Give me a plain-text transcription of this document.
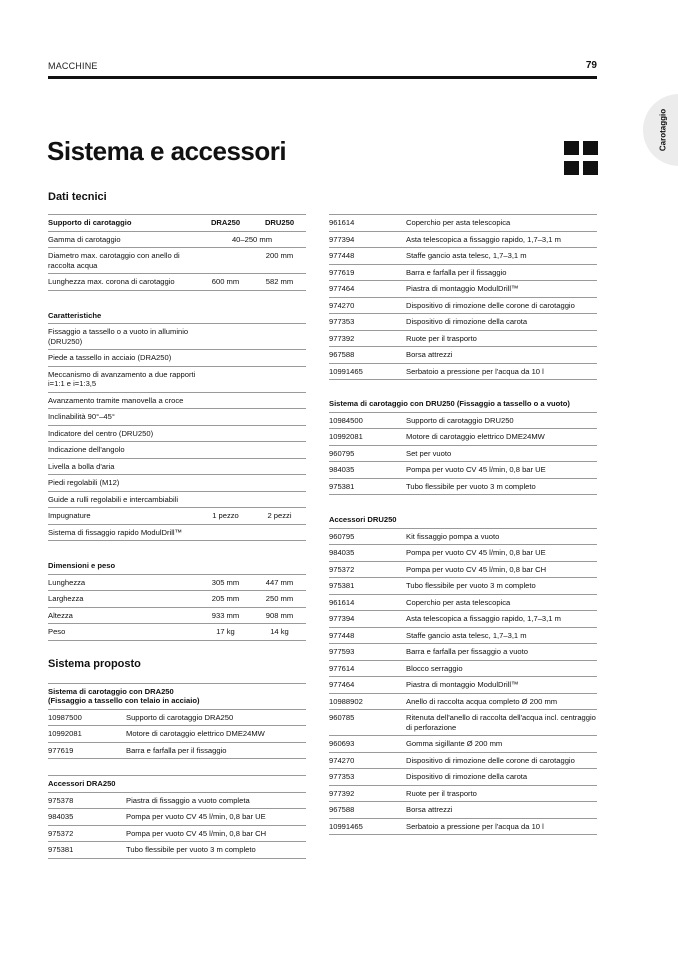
MACCHINE	79
Carotaggio
Sistema e accessori
Dati tecnici
Supporto di carotaggio	DRA250	DRU250
Gamma di carotaggio	40–250 mm	
Diametro max. carotaggio con anello di raccolta acqua		200 mm
Lunghezza max. corona di carotaggio	600 mm	582 mm
Caratteristiche		
Fissaggio a tassello o a vuoto in alluminio (DRU250)		
Piede a tassello in acciaio (DRA250)		
Meccanismo di avanzamento a due rapporti i=1:1 e i=1:3,5		
Avanzamento tramite manovella a croce		
Inclinabilità 90°–45°		
Indicatore del centro (DRU250)		
Indicazione dell'angolo		
Livella a bolla d'aria		
Piedi regolabili (M12)		
Guide a rulli regolabili e intercambiabili		
Impugnature	1 pezzo	2 pezzi
Sistema di fissaggio rapido ModulDrill™		
Dimensioni e peso		
Lunghezza	305 mm	447 mm
Larghezza	205 mm	250 mm
Altezza	933 mm	908 mm
Peso	17 kg	14 kg
Sistema proposto
Sistema di carotaggio con DRA250
(Fissaggio a tassello con telaio in acciaio)	
10987500	Supporto di carotaggio DRA250
10992081	Motore di carotaggio elettrico DME24MW
977619	Barra e farfalla per il fissaggio
Accessori DRA250	
975378	Piastra di fissaggio a vuoto completa
984035	Pompa per vuoto CV 45 l/min, 0,8 bar UE
975372	Pompa per vuoto CV 45 l/min, 0,8 bar CH
975381	Tubo flessibile per vuoto 3 m completo
961614	Coperchio per asta telescopica
977394	Asta telescopica a fissaggio rapido, 1,7–3,1 m
977448	Staffe gancio asta telesc, 1,7–3,1 m
977619	Barra e farfalla per il fissaggio
977464	Piastra di montaggio ModulDrill™
974270	Dispositivo di rimozione delle corone di carotaggio
977353	Dispositivo di rimozione della carota
977392	Ruote per il trasporto
967588	Borsa attrezzi
10991465	Serbatoio a pressione per l'acqua da 10 l
Sistema di carotaggio con DRU250 (Fissaggio a tassello o a vuoto)	
10984500	Supporto di carotaggio DRU250
10992081	Motore di carotaggio elettrico DME24MW
960795	Set per vuoto
984035	Pompa per vuoto CV 45 l/min, 0,8 bar UE
975381	Tubo flessibile per vuoto 3 m completo
Accessori DRU250	
960795	Kit fissaggio pompa a vuoto
984035	Pompa per vuoto CV 45 l/min, 0,8 bar UE
975372	Pompa per vuoto CV 45 l/min, 0,8 bar CH
975381	Tubo flessibile per vuoto 3 m completo
961614	Coperchio per asta telescopica
977394	Asta telescopica a fissaggio rapido, 1,7–3,1 m
977448	Staffe gancio asta telesc, 1,7–3,1 m
977593	Barra e farfalla per fissaggio a vuoto
977614	Blocco serraggio
977464	Piastra di montaggio ModulDrill™
10988902	Anello di raccolta acqua completo Ø 200 mm
960785	Ritenuta dell'anello di raccolta dell'acqua incl. centraggio di perforazione
960693	Gomma sigillante Ø 200 mm
974270	Dispositivo di rimozione delle corone di carotaggio
977353	Dispositivo di rimozione della carota
977392	Ruote per il trasporto
967588	Borsa attrezzi
10991465	Serbatoio a pressione per l'acqua da 10 l
